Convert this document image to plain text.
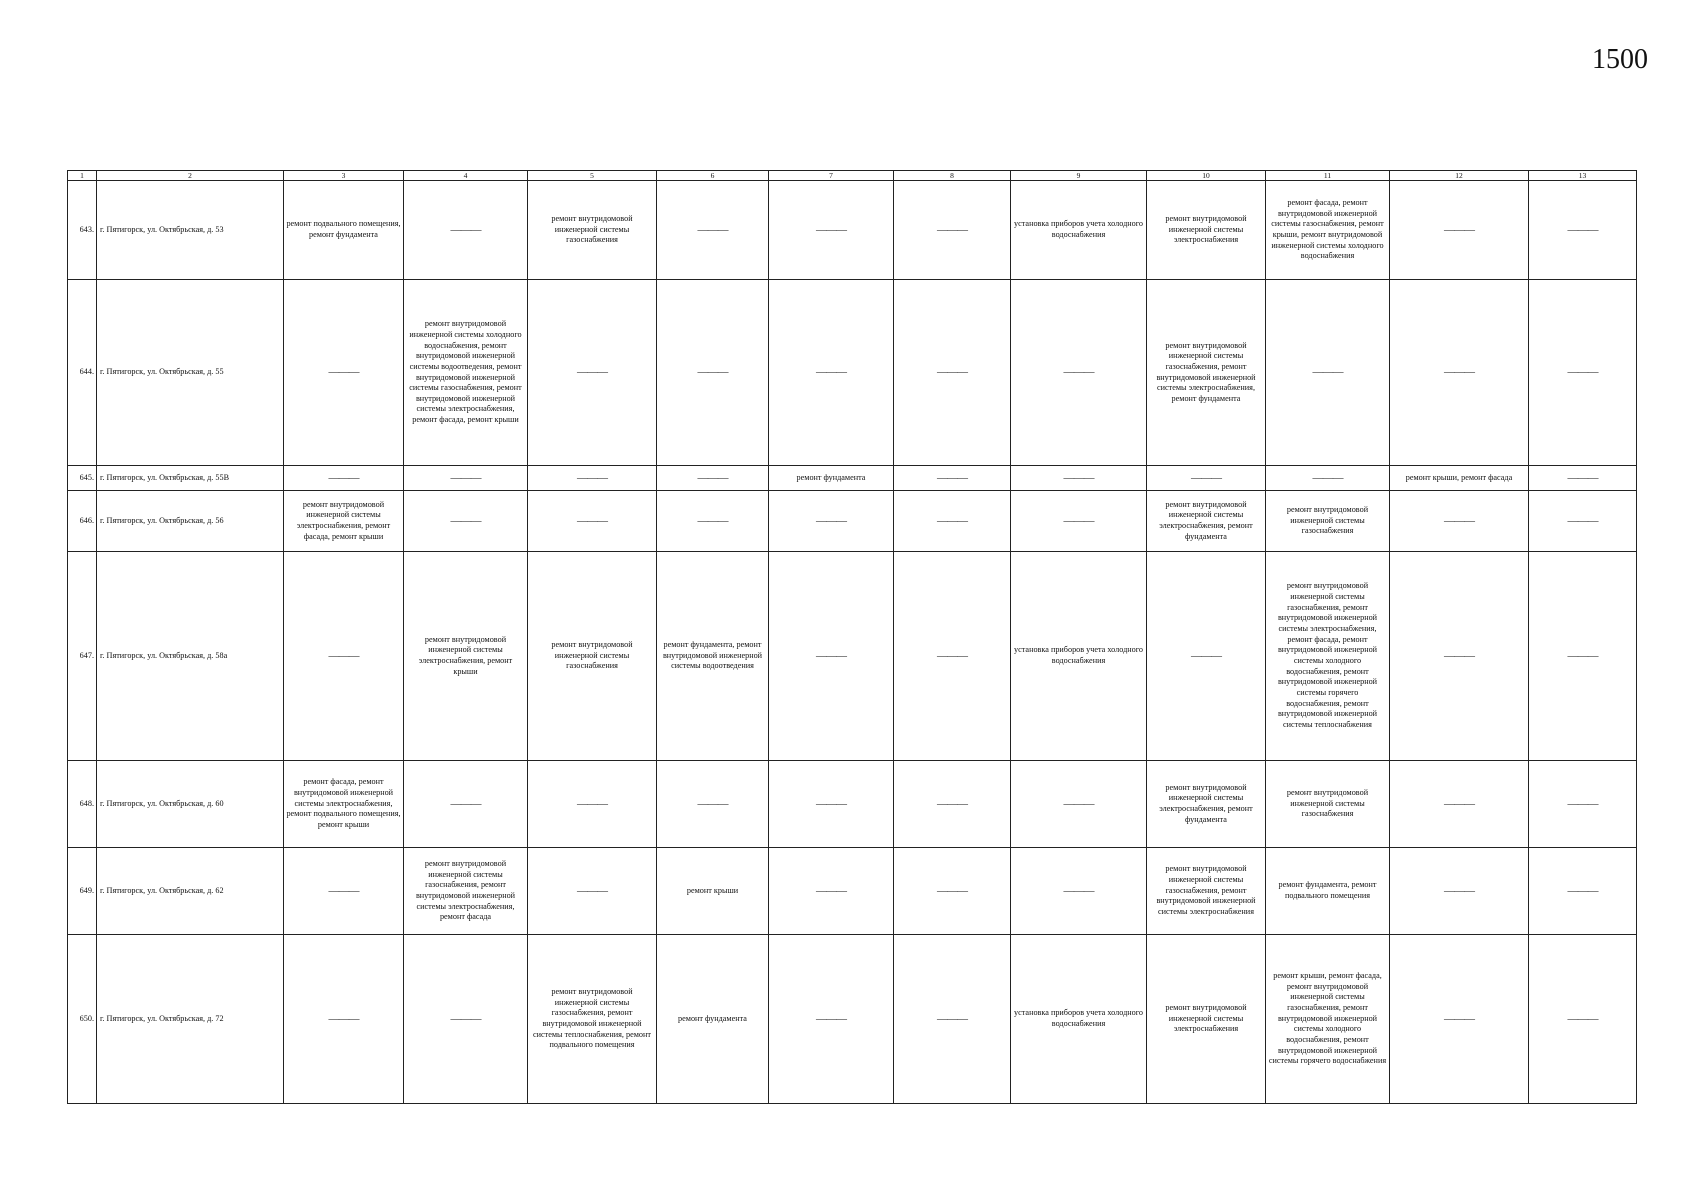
1500
1	2	3	4	5	6	7	8	9	10	11	12	13
643.	г. Пятигорск, ул. Октябрьская, д. 53	ремонт подвального помещения, ремонт фундамента	———	ремонт внутридомовой инженерной системы газоснабжения	———	———	———	установка приборов учета холодного водоснабжения	ремонт внутридомовой инженерной системы электроснабжения	ремонт фасада, ремонт внутридомовой инженерной системы газоснабжения, ремонт крыши, ремонт внутридомовой инженерной системы холодного водоснабжения	———	———
644.	г. Пятигорск, ул. Октябрьская, д. 55	———	ремонт внутридомовой инженерной системы холодного водоснабжения, ремонт внутридомовой инженерной системы водоотведения, ремонт внутридомовой инженерной системы газоснабжения, ремонт внутридомовой инженерной системы электроснабжения, ремонт фасада, ремонт крыши	———	———	———	———	———	ремонт внутридомовой инженерной системы газоснабжения, ремонт внутридомовой инженерной системы электроснабжения, ремонт фундамента	———	———	———
645.	г. Пятигорск, ул. Октябрьская, д. 55В	———	———	———	———	ремонт фундамента	———	———	———	———	ремонт крыши, ремонт фасада	———
646.	г. Пятигорск, ул. Октябрьская, д. 56	ремонт внутридомовой инженерной системы электроснабжения, ремонт фасада, ремонт крыши	———	———	———	———	———	———	ремонт внутридомовой инженерной системы электроснабжения, ремонт фундамента	ремонт внутридомовой инженерной системы газоснабжения	———	———
647.	г. Пятигорск, ул. Октябрьская, д. 58а	———	ремонт внутридомовой инженерной системы электроснабжения, ремонт крыши	ремонт внутридомовой инженерной системы газоснабжения	ремонт фундамента, ремонт внутридомовой инженерной системы водоотведения	———	———	установка приборов учета холодного водоснабжения	———	ремонт внутридомовой инженерной системы газоснабжения, ремонт внутридомовой инженерной системы электроснабжения, ремонт фасада, ремонт внутридомовой инженерной системы холодного водоснабжения, ремонт внутридомовой инженерной системы горячего водоснабжения, ремонт внутридомовой инженерной системы теплоснабжения	———	———
648.	г. Пятигорск, ул. Октябрьская, д. 60	ремонт фасада, ремонт внутридомовой инженерной системы электроснабжения, ремонт подвального помещения, ремонт крыши	———	———	———	———	———	———	ремонт внутридомовой инженерной системы электроснабжения, ремонт фундамента	ремонт внутридомовой инженерной системы газоснабжения	———	———
649.	г. Пятигорск, ул. Октябрьская, д. 62	———	ремонт внутридомовой инженерной системы газоснабжения, ремонт внутридомовой инженерной системы электроснабжения, ремонт фасада	———	ремонт крыши	———	———	———	ремонт внутридомовой инженерной системы газоснабжения, ремонт внутридомовой инженерной системы электроснабжения	ремонт фундамента, ремонт подвального помещения	———	———
650.	г. Пятигорск, ул. Октябрьская, д. 72	———	———	ремонт внутридомовой инженерной системы газоснабжения, ремонт внутридомовой инженерной системы теплоснабжения, ремонт подвального помещения	ремонт фундамента	———	———	установка приборов учета холодного водоснабжения	ремонт внутридомовой инженерной системы электроснабжения	ремонт крыши, ремонт фасада, ремонт внутридомовой инженерной системы газоснабжения, ремонт внутридомовой инженерной системы холодного водоснабжения, ремонт внутридомовой инженерной системы горячего водоснабжения	———	———
